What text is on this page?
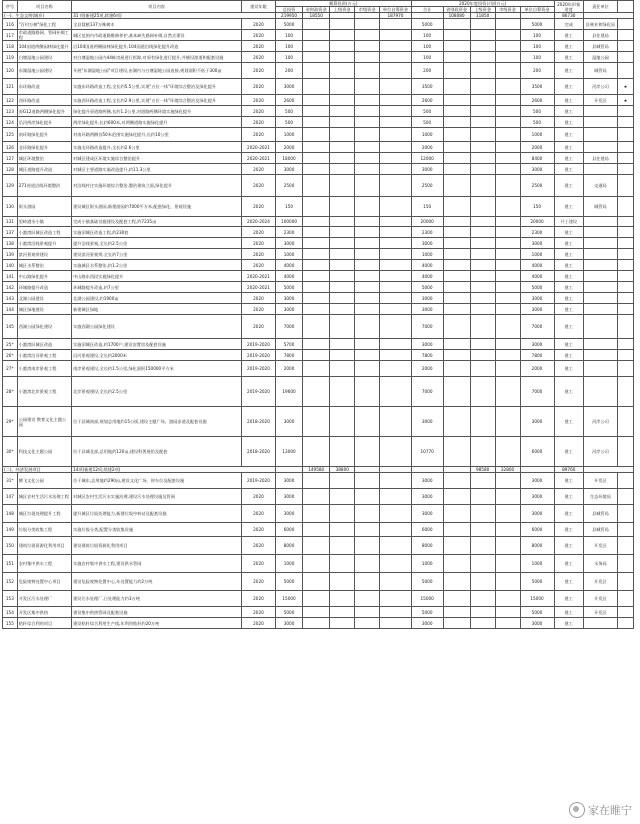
序号	项目名称	项目内容	建设年限	概算投资(万元)					2020年度投资计划(万元)					2020年形象进度	责任单位	
				总投资	省财政资金	上级资金	市级资金	单位自筹资金	合计	省财政资金	上级资金	市级资金	单位自筹资金			
(一)、生态文明(城乡)		31 项(新建25项,续建6项)		219950	18550			187970		108080	11850			86730		
116	"百村万树"绿化工程	全县栽植137万株树木	2020	5000					5000				5000	完成	县林业和绿化局	
117	市政道路路网、管网补缀工程	城区范围内市政道路维修养护,基本缺失路网补缀,自然式建设	2020	100					100				100	建工	县住建局	
118	104国道两侧园林绿化提升	沿104国道两侧园林绿化提升,104国道沿线绿化提升改造	2020	100					100				100	建工	县城管局	
119	白塘湿地公园建设	对白塘湿地公园内44栋房屋进行拆除,对原有绿化进行提升,并铺设游道和配套设施	2020	100					100				100	建工	湿地公园	
120	东湖湿地公园建设	开展"东湖湿地公园"项目建设,由湖内与白塘湿地公园连接,规划面积不低于300亩	2020	200					200				200	建工	城管局	
121	东环路改造	实施东环路改造工程,全长约5.5公里,实现"五位一体"环境综合整治及绿化提升	2020	3000					3500				3500	建工	河岸公司	★
122	西环路改造	实施西环路改造工程,全长约2.9公里,实现"五位一体"环境综合整治及绿化提升	2020	2600					2600				2600	建工	开发区	★
123	原G12道路两侧绿化提升	绿化提升原道路两侧,长约1.2公里,对道路两侧环境实施绿化提升	2020	500					500				500	建工		
124	沿河两岸绿化提升	两岸绿化提升,长约600米,对两侧道路实施绿化提升	2020	500					500				500	建工		
125	南环路绿化提升	对南环路两侧各50米范围实施绿化提升,长约10公里	2020	1000					1000				1000	建工		
126	北环路绿化提升	实施北环路改造提升,全长约2.6公里	2020-2021	2000					2000				2000	建工		
127	城区环境整治	对城区建成区环境实施综合整治提升	2020-2021	18000					12000				8400	建工	县住建局	
128	城区道路提升改造	对城区主要道路实施改造提升,约11.3公里	2020	3000					3000				3000	建工		
129	271省道沿线环境整治	对沿线村庄实施环境综合整治,整治建筑立面,绿化提升	2020	2500					2500				2500	建工	交通局	
130	街头游园	建设城区街头游园,新建游园约7000平方米,配套绿化、景观设施	2020	150					150				150	建工	城管局	
131	里岭港水小镇	完成小镇基础设施建设及配套工程,约7235亩	2020-2024	100000					20000				20000	开工建设		
137	小港湾旧城区改造工程	实施旧城区改造工程,约230套	2020	2300					2300				2300	建工		
138	小港湾沿线景观提升	提升沿线景观,全长约2.5公里	2020	3000					3000				3000	建工		
139	滨河景观带建设	建设滨河景观带,全长约7公里	2020	1000					1000				1000	建工		
140	城区水系整治	实施城区水系整治,约1.2公里	2020	4000					4000				4000	建工		
141	中山路绿化提升	中山路东西段实施绿化提升	2020-2021	4000					4000				4000	建工		
142	环城路提升改造	环城路提升改造,约7公里	2020-2021	5000					5000				5000	建工		
143	北湖公园建设	北湖公园建设,约1900亩	2020	3000					3000				3000	建工		
144	城区绿地建设	新建城区绿地	2020	3000					3000				3000	建工		
145	西湖公园绿化建设	实施西湖公园绿化建设	2020	7000					7000				7000	建工		
25*	小港湾旧城区改造	实施旧城区改造,约1700户,建设安置房及配套设施	2019-2020	5700					3000				3000	建工		
26*	小港湾沿河景观工程	沿河景观建设,全长约2000米	2019-2020	7800					7800				7800	建工		
27*	小港湾南岸景观工程	南岸景观建设,全长约1.5公里,绿化面积150000平方米	2019-2020	2000					2000				2000	建工		
28*	小港湾北岸景观工程	北岸景观建设,全长约2.5公里	2019-2020	19600					7000				7000	建工		
29*	公园建设 教育文化主题公园	位于县城南部,规划总用地约15公顷,建设主题广场、游园步道及配套设施	2018-2020	3000					3000				3000	建工	河岸公司	
30*	科技文化主题公园	位于县城北部,总用地约120亩,建设科普展馆及配套	2018-2020	13000					10770				6000	建工	河岸公司	
(二)、经济发展项目		14项(新建12项,续建2项)			149580	38800					98580	32800		89760		
31*	腾飞文化公园	位于城东,总用地约290亩,建设文化广场、停车位及配套设施	2019-2020	3000					3000				3000	建工	开发区	
147	城区农村生活污水治理工程	对城区农村生活污水实施治理,建设污水处理设施及管网	2020	3000					3000				3000	建工	生态环境局	
148	城区垃圾处理提升工程	提升城区垃圾处理能力,新建垃圾中转站及配套设施	2020	3000					3000				3000	建工	县城管局	
149	垃圾分类收集工程	实施垃圾分类,配置分类收集设施	2020	6000					6000				6000	建工	县城管局	
150	建筑垃圾资源化利用项目	建设建筑垃圾资源化利用项目	2020	8000					8000				8000	建工	开发区	
151	农村集中供水工程	实施农村集中供水工程,建设供水管网	2020	1000					1000				1000	建工	水务局	
152	危险废物处置中心项目	建设危险废物处置中心,年处置能力约2万吨	2020	5000					5000				5000	建工	开发区	
153	开发区污水处理厂	建设污水处理厂,日处理能力约3万吨	2020	15000					15000				15000	建工	开发区	
154	开发区集中供热	建设集中供热管网及配套设施	2020	5000					5000				5000	建工	开发区	
155	秸秆综合利用项目	建设秸秆综合利用生产线,年利用秸秆约20万吨	2020	3000					3000				3000	建工		
家在睢宁
